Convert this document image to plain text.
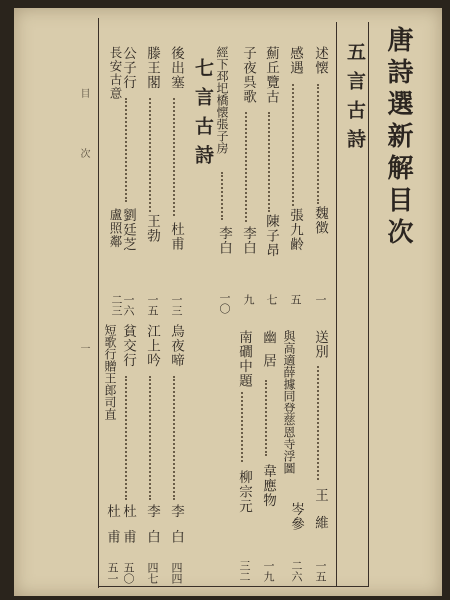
唐詩選新解目次
目次
一
五言古詩
七言古詩	述懐
魏徴
一
感遇
張九齢
五
薊丘覽古
陳子昂
七
子夜呉歌
李白
九
經下邳圯橋懐張子房
李白
一〇
後出塞
杜甫
一三
滕王閣
王勃
一五
公子行
劉廷芝
一六
長安古意
送別
王維
一五
與高適薛據同登慈恩寺浮圖
岑參
二六
幽居
韋應物
一九
南礀中題
柳宗元
三二
烏夜啼
李白
四四
江上吟
李白
四七
貧交行
杜甫
五〇
短歌行贈王郎司直
杜甫
五一
盧照鄰
二三
